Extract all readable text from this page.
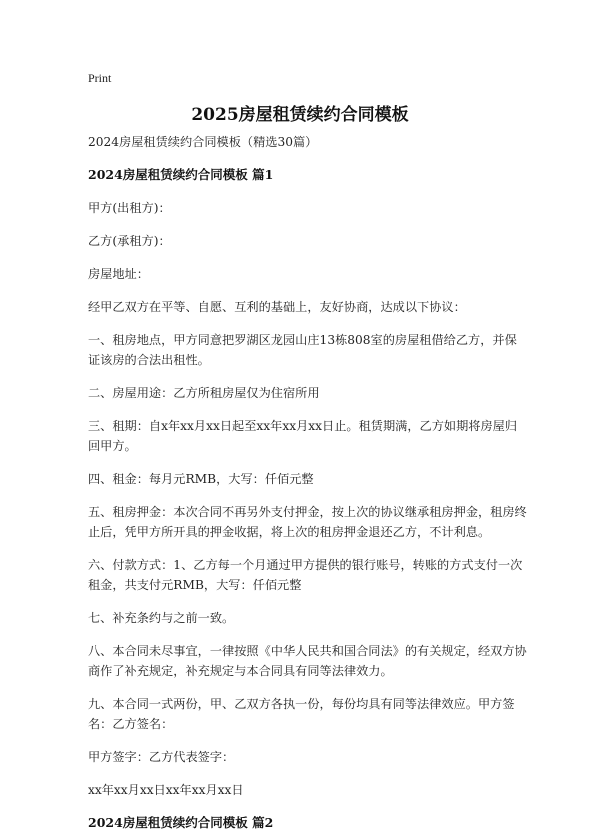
Print
2025房屋租赁续约合同模板

2024房屋租赁续约合同模板（精选30篇）

2024房屋租赁续约合同模板 篇1

甲方(出租方)：

乙方(承租方)：

房屋地址：

经甲乙双方在平等、自愿、互利的基础上，友好协商，达成以下协议：

一、租房地点，甲方同意把罗湖区龙园山庄13栋808室的房屋租借给乙方，并保证该房的合法出租性。

二、房屋用途：乙方所租房屋仅为住宿所用

三、租期：自x年xx月xx日起至xx年xx月xx日止。租赁期满，乙方如期将房屋归回甲方。

四、租金：每月元RMB，大写：仟佰元整

五、租房押金：本次合同不再另外支付押金，按上次的协议继承租房押金，租房终止后，凭甲方所开具的押金收据，将上次的租房押金退还乙方，不计利息。

六、付款方式：1、乙方每一个月通过甲方提供的银行账号，转账的方式支付一次租金，共支付元RMB，大写：仟佰元整

七、补充条约与之前一致。

八、本合同未尽事宜，一律按照《中华人民共和国合同法》的有关规定，经双方协商作了补充规定，补充规定与本合同具有同等法律效力。

九、本合同一式两份，甲、乙双方各执一份，每份均具有同等法律效应。甲方签名：乙方签名：

甲方签字：乙方代表签字：

xx年xx月xx日xx年xx月xx日

2024房屋租赁续约合同模板 篇2
